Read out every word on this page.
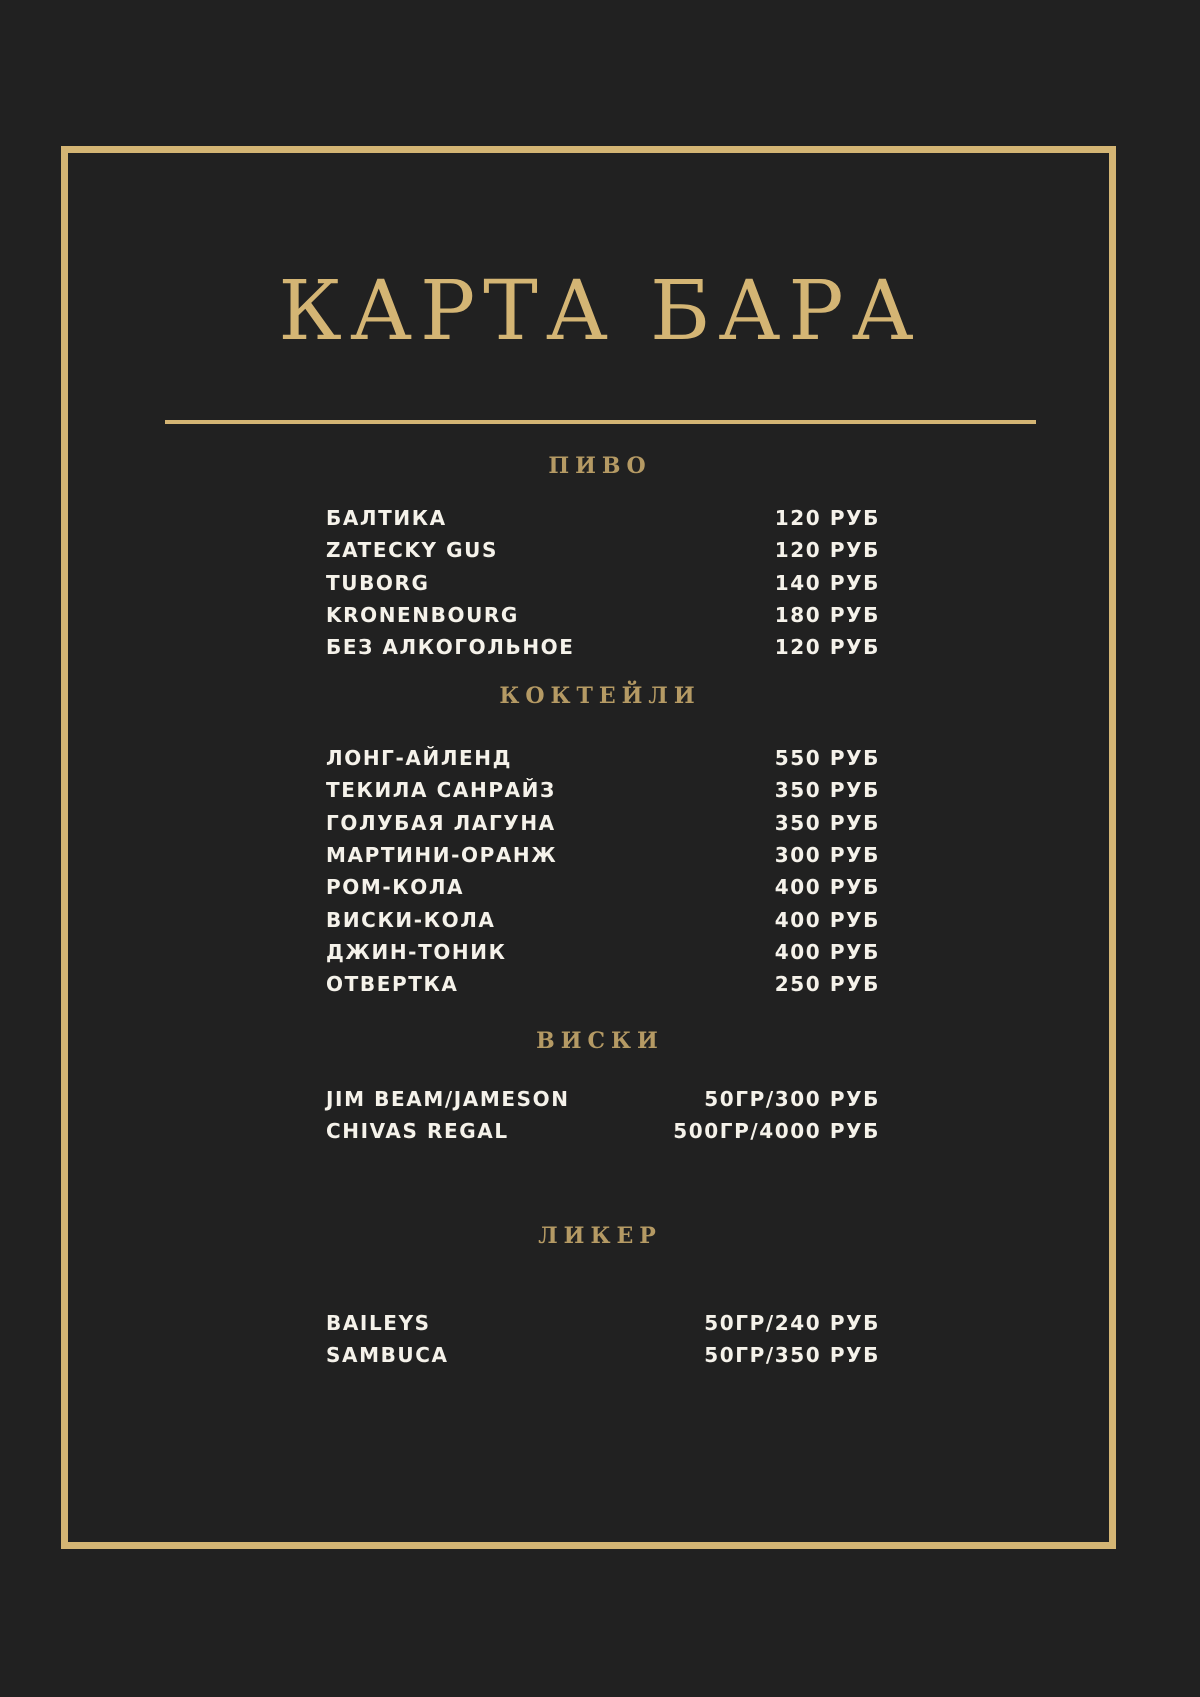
КАРТА БАРА
ПИВО
БАЛТИКА	120 РУБ
ZATECKY GUS	120 РУБ
TUBORG	140 РУБ
KRONENBOURG	180 РУБ
БЕЗ АЛКОГОЛЬНОЕ	120 РУБ
КОКТЕЙЛИ
ЛОНГ-АЙЛЕНД	550 РУБ
ТЕКИЛА САНРАЙЗ	350 РУБ
ГОЛУБАЯ ЛАГУНА	350 РУБ
МАРТИНИ-ОРАНЖ	300 РУБ
РОМ-КОЛА	400 РУБ
ВИСКИ-КОЛА	400 РУБ
ДЖИН-ТОНИК	400 РУБ
ОТВЕРТКА	250 РУБ
ВИСКИ
JIM BEAM/JAMESON	50ГР/300 РУБ
CHIVAS REGAL	500ГР/4000 РУБ
ЛИКЕР
BAILEYS	50ГР/240 РУБ
SAMBUCA	50ГР/350 РУБ
